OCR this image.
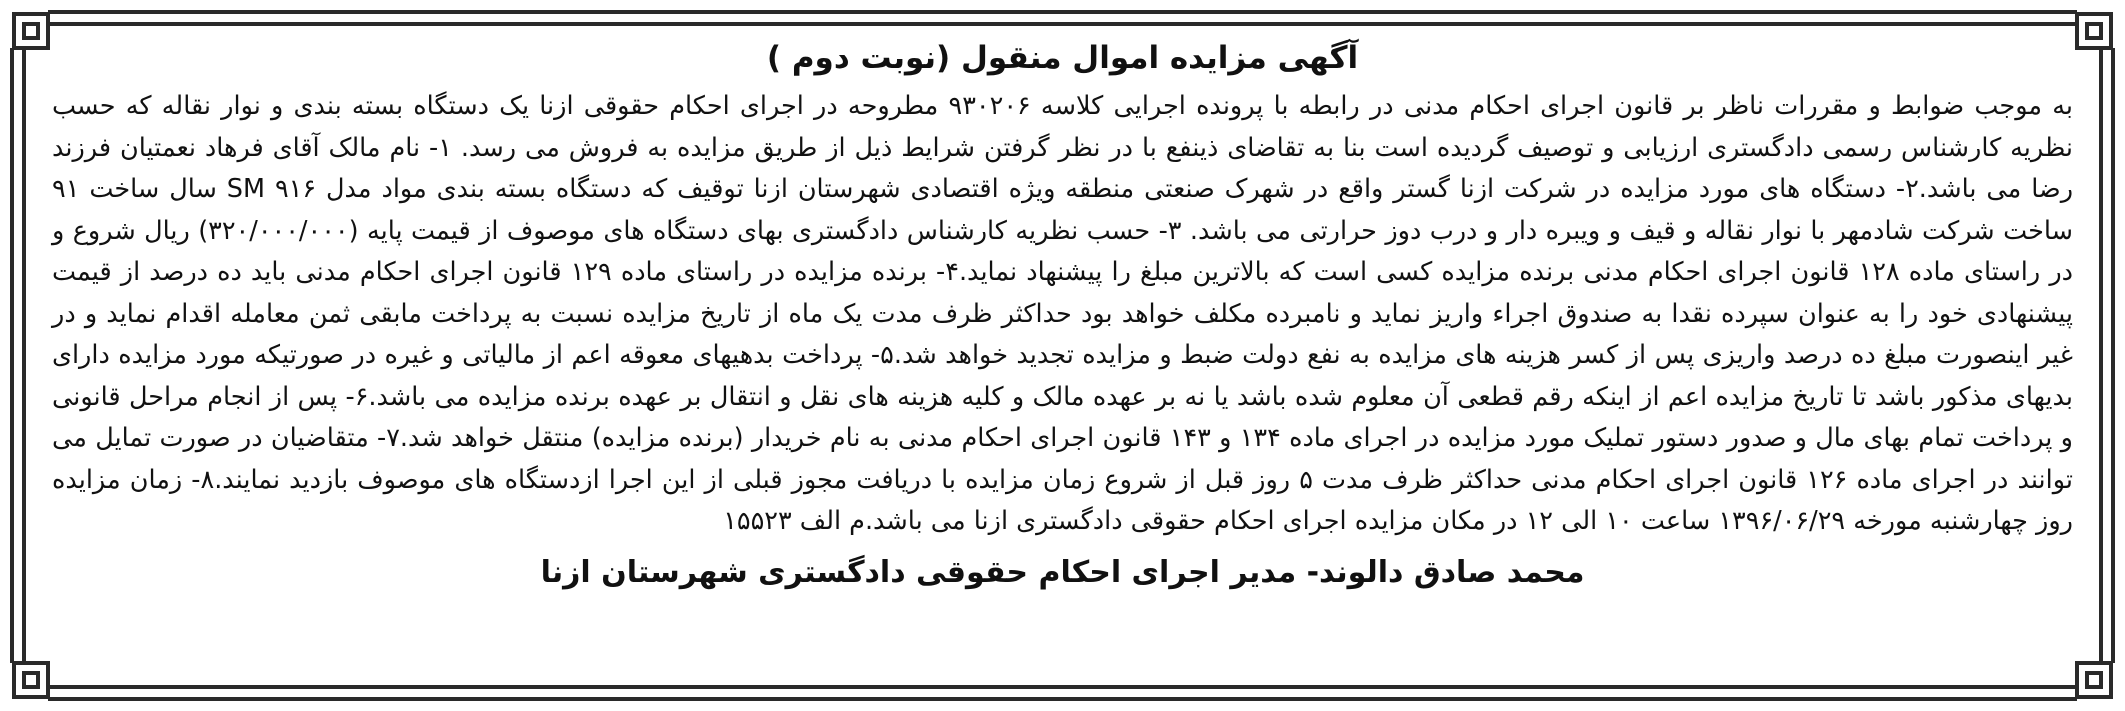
آگهی مزایده اموال منقول (نوبت دوم )

به موجب ضوابط و مقررات ناظر بر قانون اجرای احکام مدنی در رابطه با پرونده اجرایی کلاسه ۹۳۰۲۰۶ مطروحه در اجرای احکام حقوقی ازنا یک دستگاه بسته بندی و نوار نقاله که حسب نظریه کارشناس رسمی دادگستری ارزیابی و توصیف گردیده است بنا به تقاضای ذینفع با در نظر گرفتن شرایط ذیل از طریق مزایده به فروش می رسد. ۱- نام مالک آقای فرهاد نعمتیان فرزند رضا می باشد.۲- دستگاه های مورد مزایده در شرکت ازنا گستر واقع در شهرک صنعتی منطقه ویژه اقتصادی شهرستان ازنا توقیف که دستگاه بسته بندی مواد مدل ۹۱۶ SM سال ساخت ۹۱ ساخت شرکت شادمهر با نوار نقاله و قیف و ویبره دار و درب دوز حرارتی می باشد. ۳- حسب نظریه کارشناس دادگستری بهای دستگاه های موصوف از قیمت پایه (۳۲۰/۰۰۰/۰۰۰) ریال شروع و در راستای ماده ۱۲۸ قانون اجرای احکام مدنی برنده مزایده کسی است که بالاترین مبلغ را پیشنهاد نماید.۴- برنده مزایده در راستای ماده ۱۲۹ قانون اجرای احکام مدنی باید ده درصد از قیمت پیشنهادی خود را به عنوان سپرده نقدا به صندوق اجراء واریز نماید و نامبرده مکلف خواهد بود حداکثر ظرف مدت یک ماه از تاریخ مزایده نسبت به پرداخت مابقی ثمن معامله اقدام نماید و در غیر اینصورت مبلغ ده درصد واریزی پس از کسر هزینه های مزایده به نفع دولت ضبط و مزایده تجدید خواهد شد.۵- پرداخت بدهیهای معوقه اعم از مالیاتی و غیره در صورتیکه مورد مزایده دارای بدیهای مذکور باشد تا تاریخ مزایده اعم از اینکه رقم قطعی آن معلوم شده باشد یا نه بر عهده مالک و کلیه هزینه های نقل و انتقال بر عهده برنده مزایده می باشد.۶- پس از انجام مراحل قانونی و پرداخت تمام بهای مال و صدور دستور تملیک مورد مزایده در اجرای ماده ۱۳۴ و ۱۴۳ قانون اجرای احکام مدنی به نام خریدار (برنده مزایده) منتقل خواهد شد.۷- متقاضیان در صورت تمایل می توانند در اجرای ماده ۱۲۶ قانون اجرای احکام مدنی حداکثر ظرف مدت ۵ روز قبل از شروع زمان مزایده با دریافت مجوز قبلی از این اجرا ازدستگاه های موصوف بازدید نمایند.۸- زمان مزایده روز چهارشنبه مورخه ۱۳۹۶/۰۶/۲۹ ساعت ۱۰ الی ۱۲ در مکان مزایده اجرای احکام حقوقی دادگستری ازنا می باشد.م الف ۱۵۵۲۳

محمد صادق دالوند- مدیر اجرای احکام حقوقی دادگستری شهرستان ازنا
